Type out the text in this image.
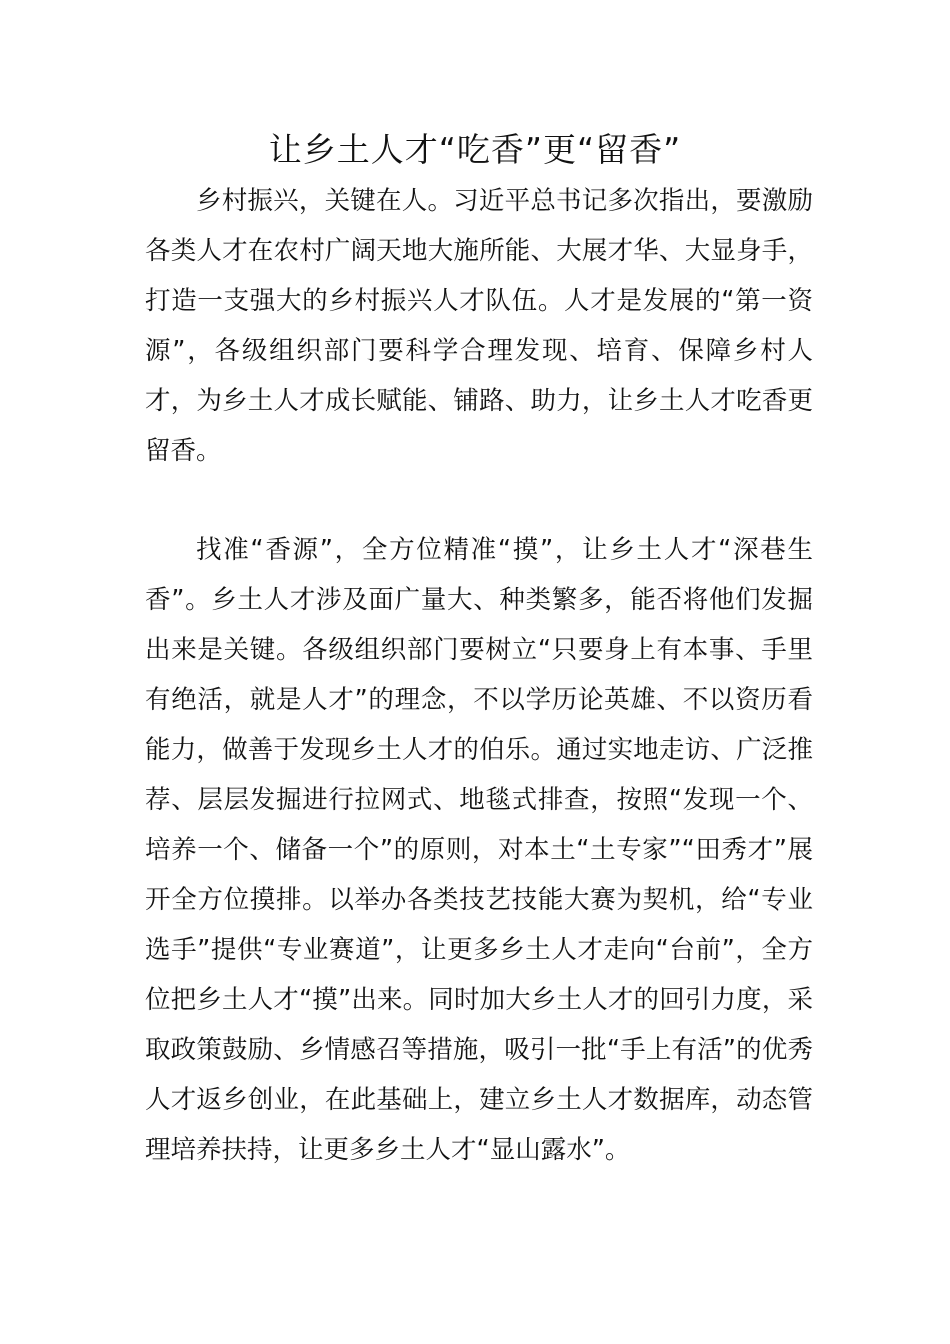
让乡土人才“吃香”更“留香”

乡村振兴，关键在人。习近平总书记多次指出，要激励各类人才在农村广阔天地大施所能、大展才华、大显身手，打造一支强大的乡村振兴人才队伍。人才是发展的“第一资源”，各级组织部门要科学合理发现、培育、保障乡村人才，为乡土人才成长赋能、铺路、助力，让乡土人才吃香更留香。

找准“香源”，全方位精准“摸”，让乡土人才“深巷生香”。乡土人才涉及面广量大、种类繁多，能否将他们发掘出来是关键。各级组织部门要树立“只要身上有本事、手里有绝活，就是人才”的理念，不以学历论英雄、不以资历看能力，做善于发现乡土人才的伯乐。通过实地走访、广泛推荐、层层发掘进行拉网式、地毯式排查，按照“发现一个、培养一个、储备一个”的原则，对本土“土专家”“田秀才”展开全方位摸排。以举办各类技艺技能大赛为契机，给“专业选手”提供“专业赛道”，让更多乡土人才走向“台前”，全方位把乡土人才“摸”出来。同时加大乡土人才的回引力度，采取政策鼓励、乡情感召等措施，吸引一批“手上有活”的优秀人才返乡创业，在此基础上，建立乡土人才数据库，动态管理培养扶持，让更多乡土人才“显山露水”。
